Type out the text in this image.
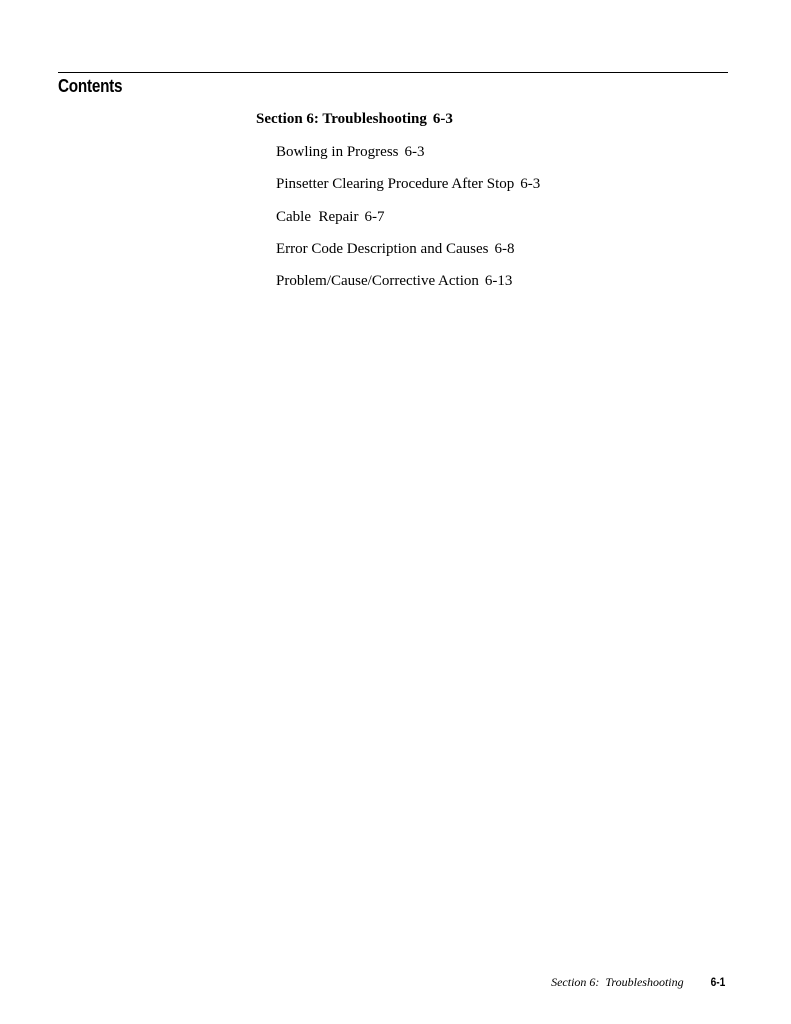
Contents
Section 6: Troubleshooting 6-3
Bowling in Progress 6-3
Pinsetter Clearing Procedure After Stop 6-3
Cable  Repair 6-7
Error Code Description and Causes 6-8
Problem/Cause/Corrective Action 6-13
Section 6:  Troubleshooting 6-1
